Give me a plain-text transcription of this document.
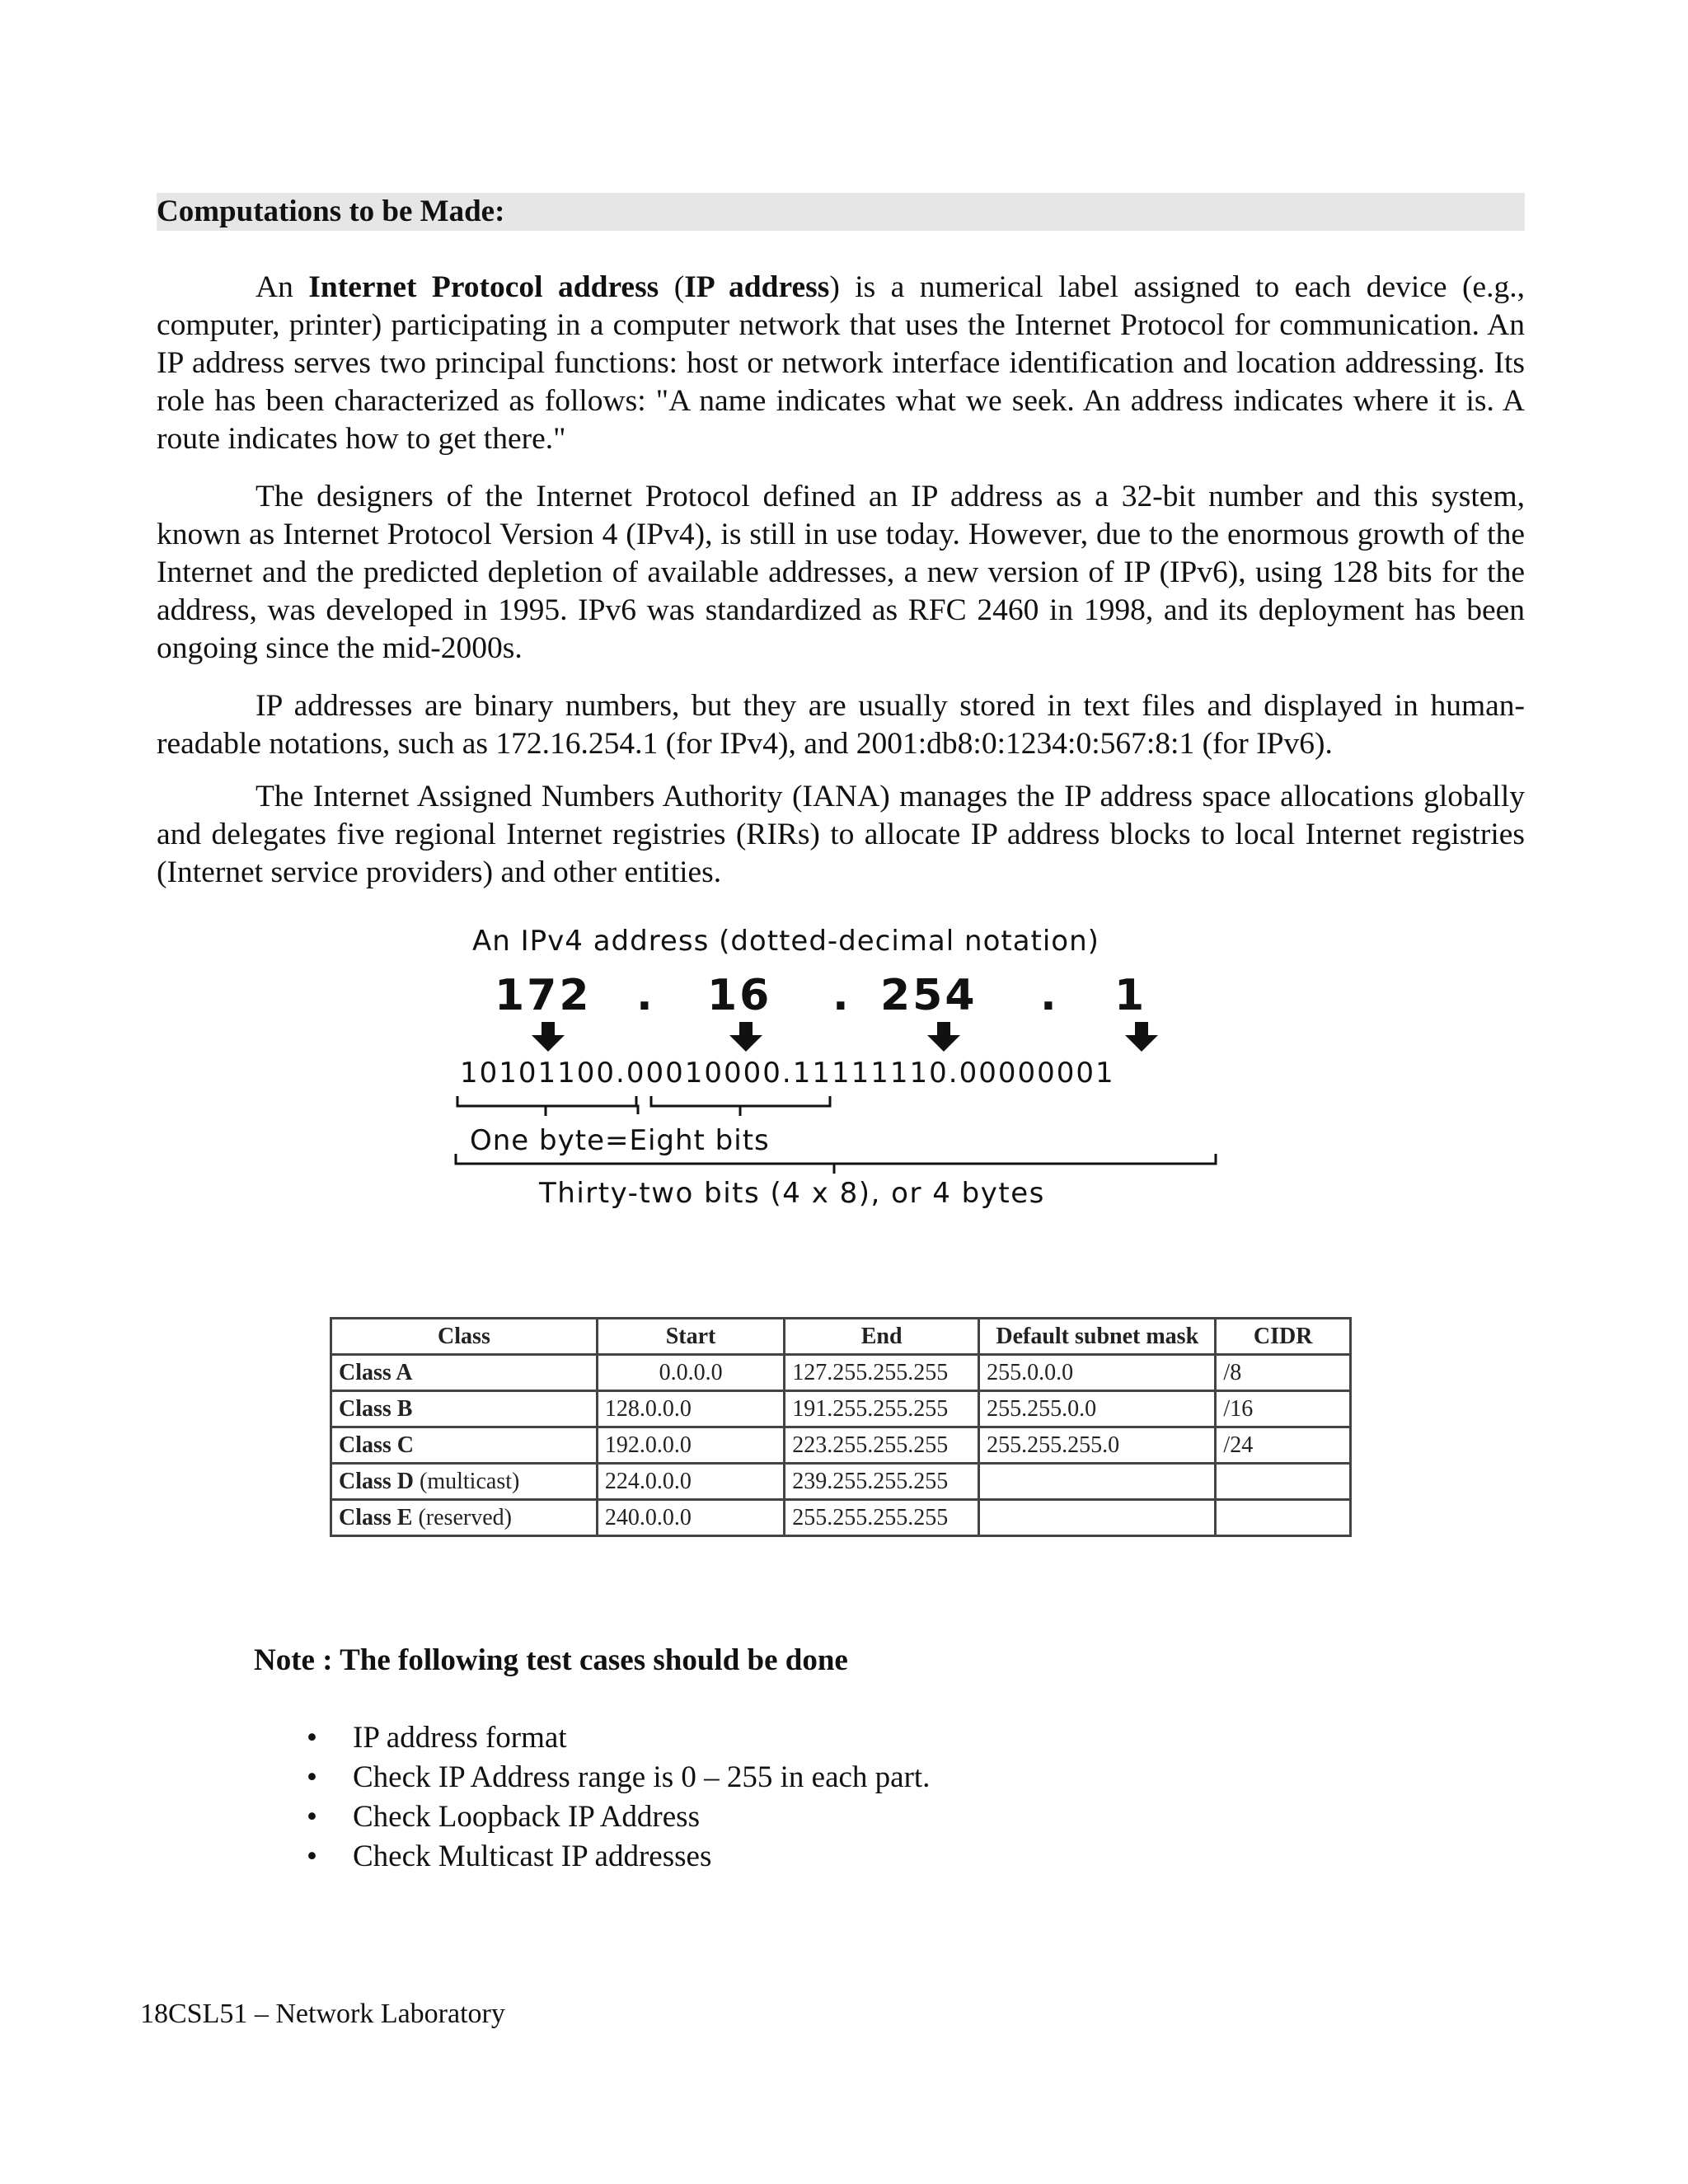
Computations to be Made:

An Internet Protocol address (IP address) is a numerical label assigned to each device (e.g., computer, printer) participating in a computer network that uses the Internet Protocol for communication. An IP address serves two principal functions: host or network interface identification and location addressing. Its role has been characterized as follows: "A name indicates what we seek. An address indicates where it is. A route indicates how to get there."

The designers of the Internet Protocol defined an IP address as a 32-bit number and this system, known as Internet Protocol Version 4 (IPv4), is still in use today. However, due to the enormous growth of the Internet and the predicted depletion of available addresses, a new version of IP (IPv6), using 128 bits for the address, was developed in 1995. IPv6 was standardized as RFC 2460 in 1998, and its deployment has been ongoing since the mid-2000s.

IP addresses are binary numbers, but they are usually stored in text files and displayed in human-readable notations, such as 172.16.254.1 (for IPv4), and 2001:db8:0:1234:0:567:8:1 (for IPv6).

The Internet Assigned Numbers Authority (IANA) manages the IP address space allocations globally and delegates five regional Internet registries (RIRs) to allocate IP address blocks to local Internet registries (Internet service providers) and other entities.

An IPv4 address (dotted-decimal notation)
172 . 16 . 254 . 1
10101100.00010000.11111110.00000001
One byte=Eight bits
Thirty-two bits (4 x 8), or 4 bytes
Class	Start	End	Default subnet mask	CIDR
Class A	0.0.0.0	127.255.255.255	255.0.0.0	/8
Class B	128.0.0.0	191.255.255.255	255.255.0.0	/16
Class C	192.0.0.0	223.255.255.255	255.255.255.0	/24
Class D (multicast)	224.0.0.0	239.255.255.255		
Class E (reserved)	240.0.0.0	255.255.255.255		
Note : The following test cases should be done
• IP address format
• Check IP Address range is 0 – 255 in each part.
• Check Loopback IP Address
• Check Multicast IP addresses
18CSL51 – Network Laboratory
